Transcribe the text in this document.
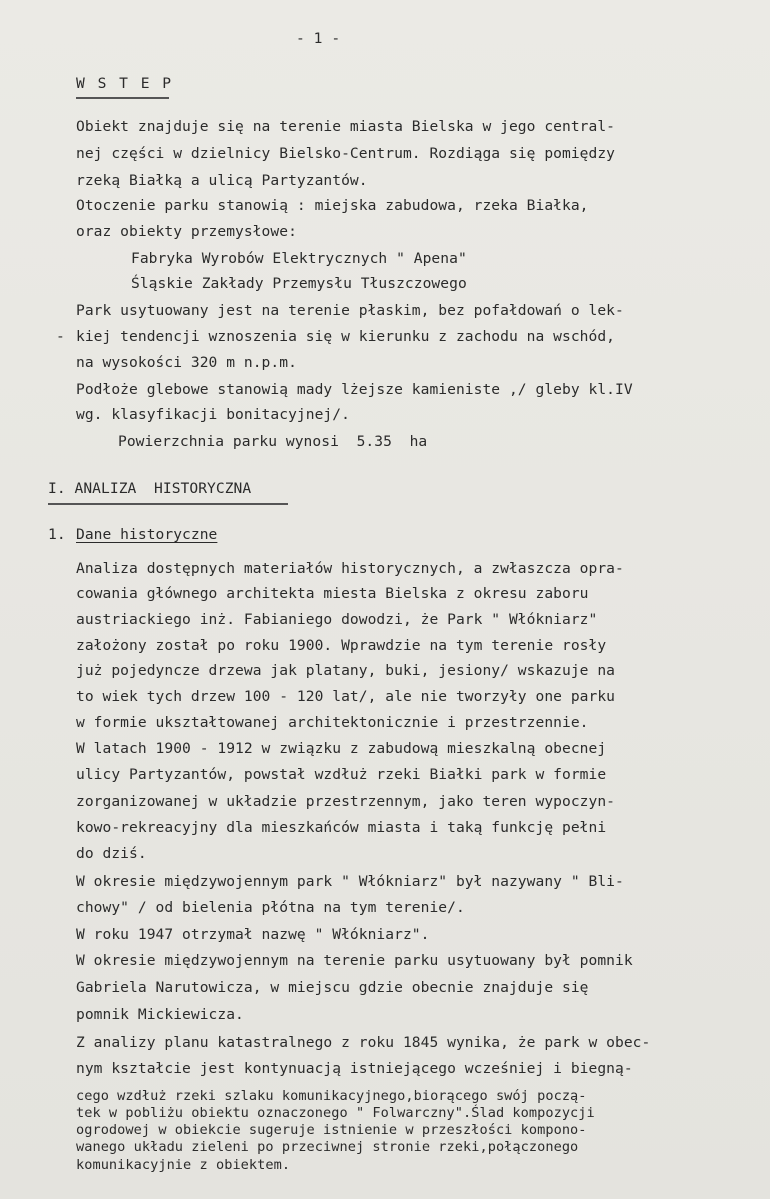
- 1 -
W S T E P
Obiekt znajduje się na terenie miasta Bielska w jego central-
nej części w dzielnicy Bielsko-Centrum. Rozdiąga się pomiędzy
rzeką Białką a ulicą Partyzantów.
Otoczenie parku stanowią : miejska zabudowa, rzeka Białka,
oraz obiekty przemysłowe:
Fabryka Wyrobów Elektrycznych " Apena"
Śląskie Zakłady Przemysłu Tłuszczowego
Park usytuowany jest na terenie płaskim, bez pofałdowań o lek-
- kiej tendencji wznoszenia się w kierunku z zachodu na wschód,
na wysokości 320 m n.p.m.
Podłoże glebowe stanowią mady lżejsze kamieniste ,/ gleby kl.IV
wg. klasyfikacji bonitacyjnej/.
Powierzchnia parku wynosi  5.35  ha
I. ANALIZA  HISTORYCZNA
1. Dane historyczne
Analiza dostępnych materiałów historycznych, a zwłaszcza opra-
cowania głównego architekta miesta Bielska z okresu zaboru
austriackiego inż. Fabianiego dowodzi, że Park " Włókniarz"
założony został po roku 1900. Wprawdzie na tym terenie rosły
już pojedyncze drzewa jak platany, buki, jesiony/ wskazuje na
to wiek tych drzew 100 - 120 lat/, ale nie tworzyły one parku
w formie ukształtowanej architektonicznie i przestrzennie.
W latach 1900 - 1912 w związku z zabudową mieszkalną obecnej
ulicy Partyzantów, powstał wzdłuż rzeki Białki park w formie
zorganizowanej w układzie przestrzennym, jako teren wypoczyn-
kowo-rekreacyjny dla mieszkańców miasta i taką funkcję pełni
do dziś.
W okresie międzywojennym park " Włókniarz" był nazywany " Bli-
chowy" / od bielenia płótna na tym terenie/.
W roku 1947 otrzymał nazwę " Włókniarz".
W okresie międzywojennym na terenie parku usytuowany był pomnik
Gabriela Narutowicza, w miejscu gdzie obecnie znajduje się
pomnik Mickiewicza.
Z analizy planu katastralnego z roku 1845 wynika, że park w obec-
nym kształcie jest kontynuacją istniejącego wcześniej i biegną-
cego wzdłuż rzeki szlaku komunikacyjnego,biorącego swój począ-
tek w pobliżu obiektu oznaczonego " Folwarczny".Ślad kompozycji
ogrodowej w obiekcie sugeruje istnienie w przeszłości kompono-
wanego układu zieleni po przeciwnej stronie rzeki,połączonego
komunikacyjnie z obiektem.
